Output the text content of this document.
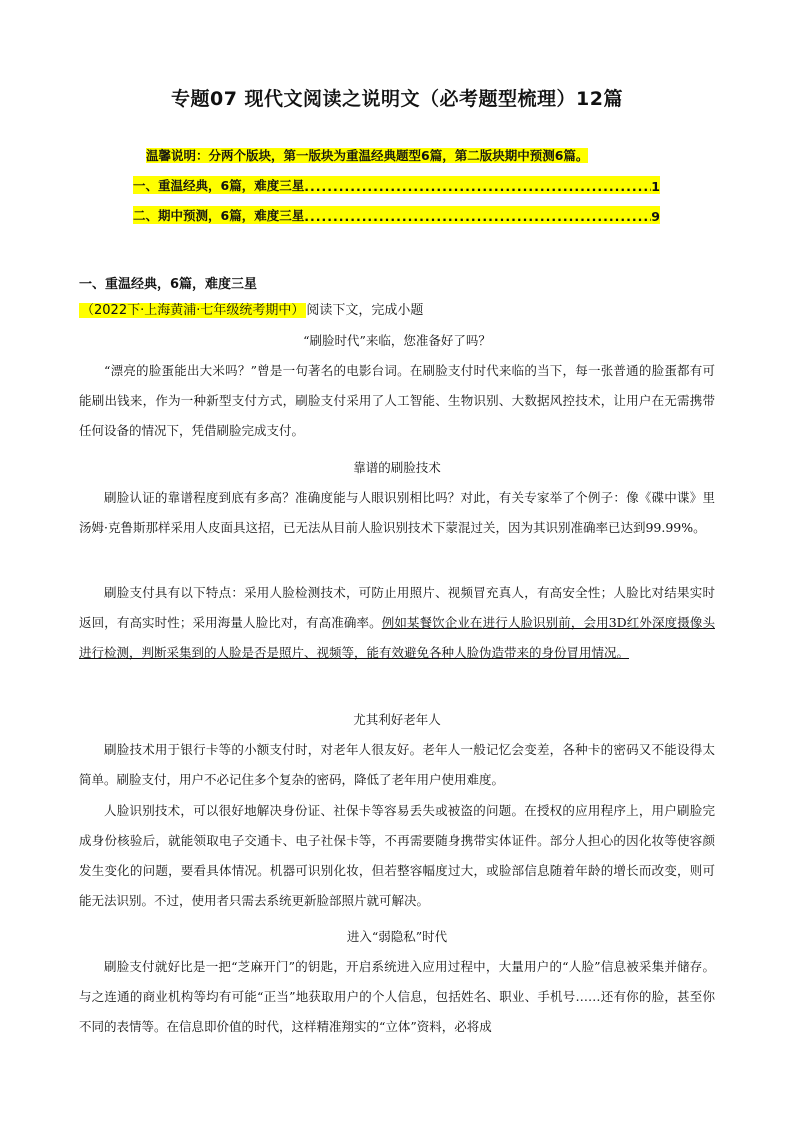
专题07 现代文阅读之说明文（必考题型梳理）12篇
温馨说明：分两个版块，第一版块为重温经典题型6篇，第二版块期中预测6篇。
一、重温经典，6篇，难度三星 .....	1
二、期中预测，6篇，难度三星 .....	9
一、重温经典，6篇，难度三星
（2022下·上海黄浦·七年级统考期中） 阅读下文，完成小题
“刷脸时代”来临，您准备好了吗？
“漂亮的脸蛋能出大米吗？”曾是一句著名的电影台词。在刷脸支付时代来临的当下，每一张普通的脸蛋都有可能刷出钱来，作为一种新型支付方式，刷脸支付采用了人工智能、生物识别、大数据风控技术，让用户在无需携带任何设备的情况下，凭借刷脸完成支付。
靠谱的刷脸技术
刷脸认证的靠谱程度到底有多高？准确度能与人眼识别相比吗？对此，有关专家举了个例子：像《碟中谍》里汤姆·克鲁斯那样采用人皮面具这招，已无法从目前人脸识别技术下蒙混过关，因为其识别准确率已达到99.99%。
刷脸支付具有以下特点：采用人脸检测技术，可防止用照片、视频冒充真人，有高安全性；人脸比对结果实时返回，有高实时性；采用海量人脸比对，有高准确率。例如某餐饮企业在进行人脸识别前，会用3D红外深度摄像头进行检测，判断采集到的人脸是否是照片、视频等，能有效避免各种人脸伪造带来的身份冒用情况。
尤其利好老年人
刷脸技术用于银行卡等的小额支付时，对老年人很友好。老年人一般记忆会变差，各种卡的密码又不能设得太简单。刷脸支付，用户不必记住多个复杂的密码，降低了老年用户使用难度。
人脸识别技术，可以很好地解决身份证、社保卡等容易丢失或被盗的问题。在授权的应用程序上，用户刷脸完成身份核验后，就能领取电子交通卡、电子社保卡等，不再需要随身携带实体证件。部分人担心的因化妆等使容颜发生变化的问题，要看具体情况。机器可识别化妆，但若整容幅度过大，或脸部信息随着年龄的增长而改变，则可能无法识别。不过，使用者只需去系统更新脸部照片就可解决。
进入“弱隐私”时代
刷脸支付就好比是一把“芝麻开门”的钥匙，开启系统进入应用过程中，大量用户的“人脸”信息被采集并储存。与之连通的商业机构等均有可能“正当”地获取用户的个人信息，包括姓名、职业、手机号……还有你的脸，甚至你不同的表情等。在信息即价值的时代，这样精准翔实的“立体”资料，必将成
